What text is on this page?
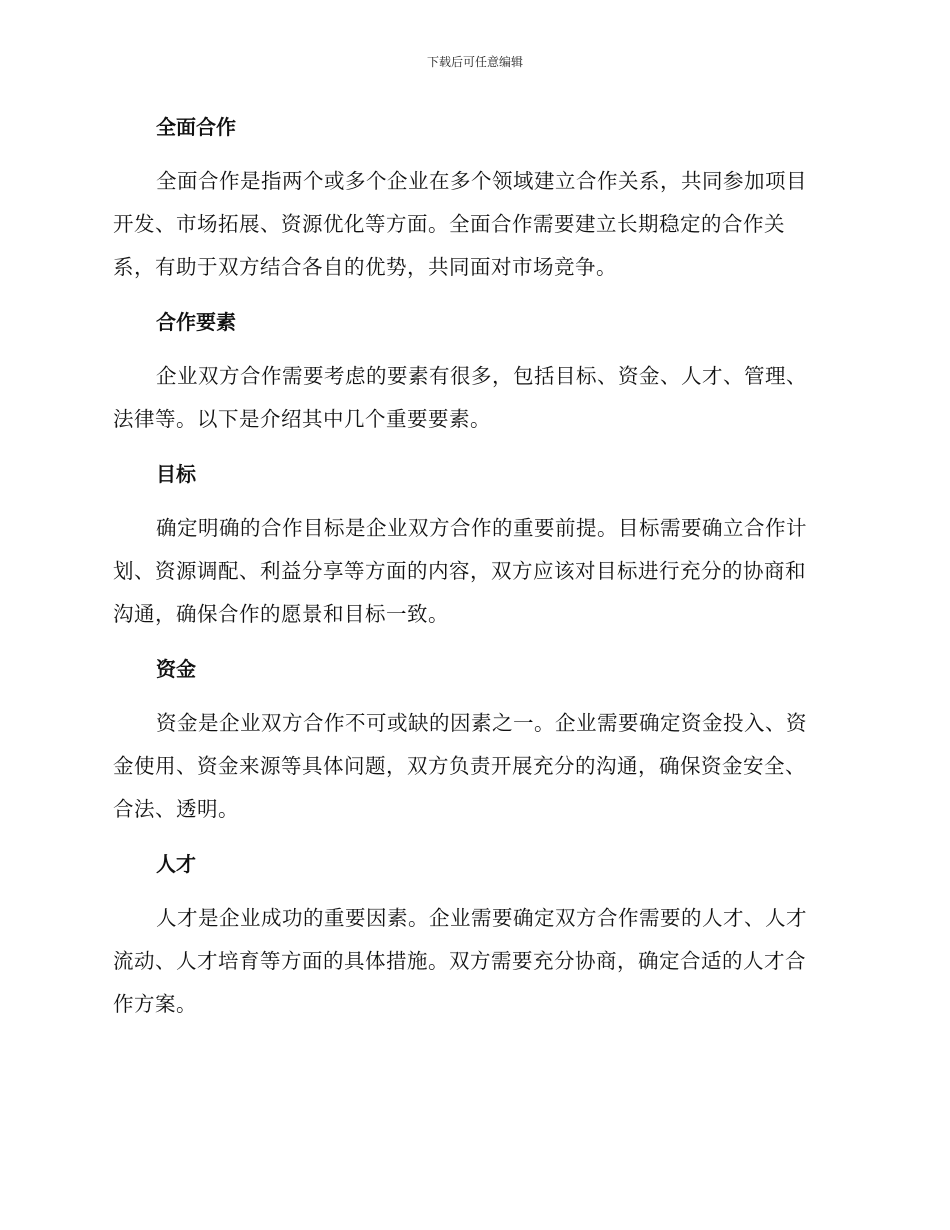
下载后可任意编辑
全面合作

全面合作是指两个或多个企业在多个领域建立合作关系，共同参加项目
开发、市场拓展、资源优化等方面。全面合作需要建立长期稳定的合作关
系，有助于双方结合各自的优势，共同面对市场竞争。

合作要素

企业双方合作需要考虑的要素有很多，包括目标、资金、人才、管理、
法律等。以下是介绍其中几个重要要素。

目标

确定明确的合作目标是企业双方合作的重要前提。目标需要确立合作计
划、资源调配、利益分享等方面的内容，双方应该对目标进行充分的协商和
沟通，确保合作的愿景和目标一致。

资金

资金是企业双方合作不可或缺的因素之一。企业需要确定资金投入、资
金使用、资金来源等具体问题，双方负责开展充分的沟通，确保资金安全、
合法、透明。

人才

人才是企业成功的重要因素。企业需要确定双方合作需要的人才、人才
流动、人才培育等方面的具体措施。双方需要充分协商，确定合适的人才合
作方案。
